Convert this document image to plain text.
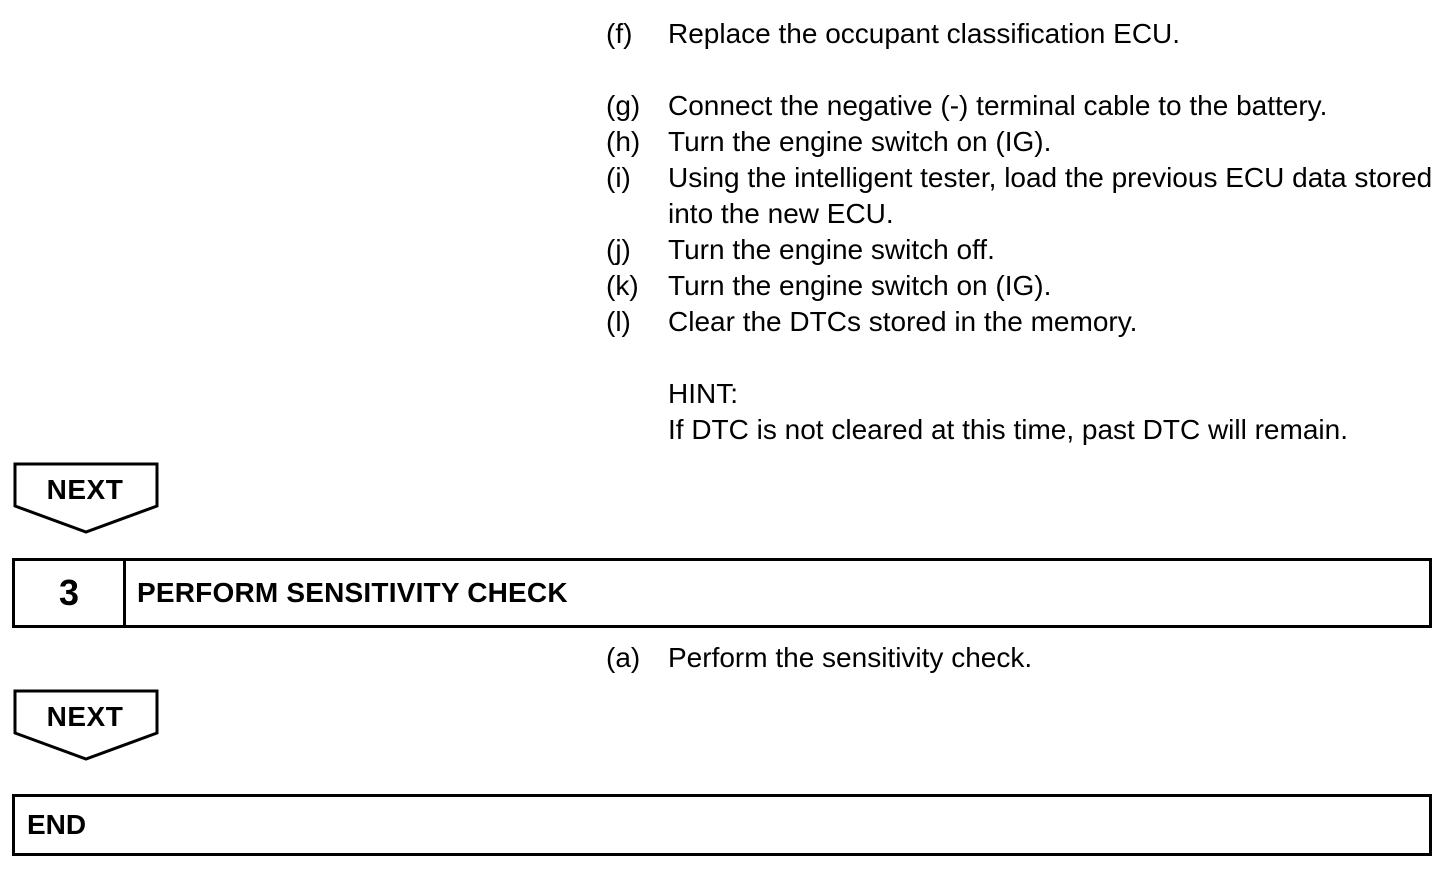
(f)	Replace the occupant classification ECU.
(g) Connect the negative (-) terminal cable to the battery.
(h) Turn the engine switch on (IG).
(i)	Using the intelligent tester, load the previous ECU data stored into the new ECU.
(j)	Turn the engine switch off.
(k)	Turn the engine switch on (IG).
(l)	Clear the DTCs stored in the memory.
HINT:
If DTC is not cleared at this time, past DTC will remain.
NEXT
3	PERFORM SENSITIVITY CHECK
(a) Perform the sensitivity check.
NEXT
END
